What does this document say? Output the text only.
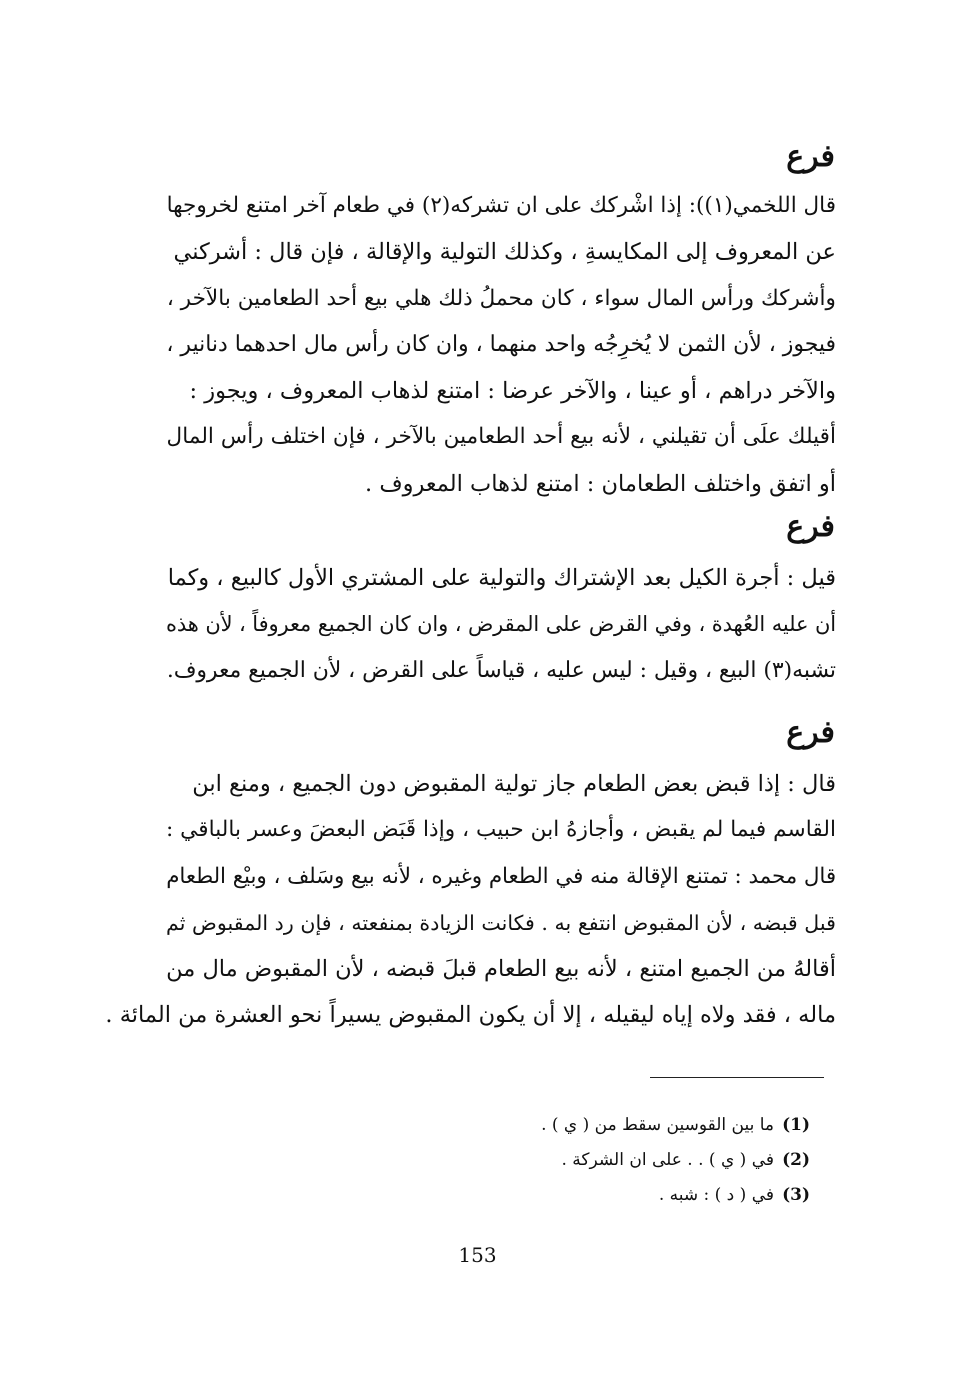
فرع
قال اللخمي(١)): إذا اشْركك على ان تشركه(٢) في طعام آخر امتنع لخروجها
عن المعروف إلى المكايسةِ ، وكذلك التولية والإقالة ، فإن قال : أشركني
وأشركك ورأس المال سواء ، كان محملُ ذلك هلي بيع أحد الطعامين بالآخر ،
فيجوز ، لأن الثمن لا يُخرِجُه واحد منهما ، وان كان رأس مال احدهما دنانير ،
والآخر دراهم ، أو عينا ، والآخر عرضا : امتنع لذهاب المعروف ، ويجوز :
أقيلك علَى أن تقيلني ، لأنه بيع أحد الطعامين بالآخر ، فإن اختلف رأس المال
أو اتفق واختلف الطعامان : امتنع لذهاب المعروف .
فرع
قيل : أجرة الكيل بعد الإشتراك والتولية على المشتري الأول كالبيع ، وكما
أن عليه العُهدة ، وفي القرض على المقرض ، وان كان الجميع معروفاً ، لأن هذه
تشبه(٣) البيع ، وقيل : ليس عليه ، قياساً على القرض ، لأن الجميع معروف.
فرع
قال : إذا قبض بعض الطعام جاز تولية المقبوض دون الجميع ، ومنع ابن
القاسم فيما لم يقبض ، وأجازهُ ابن حبيب ، وإذا قَبَض البعضَ وعسر بالباقي :
قال محمد : تمتنع الإقالة منه في الطعام وغيره ، لأنه بيع وسَلف ، وبيْع الطعام
قبل قبضه ، لأن المقبوض انتفع به . فكانت الزيادة بمنفعته ، فإن رد المقبوض ثم
أقالهُ من الجميع امتنع ، لأنه بيع الطعام قبلَ قبضه ، لأن المقبوض مال من
ماله ، فقد ولاه إياه ليقيله ، إلا أن يكون المقبوض يسيراً نحو العشرة من المائة .
(1)ما بين القوسين سقط من ( ي ) .
(2)في ( ي ) . . على ان الشركة .
(3)في ( د ) : شبه .
153
